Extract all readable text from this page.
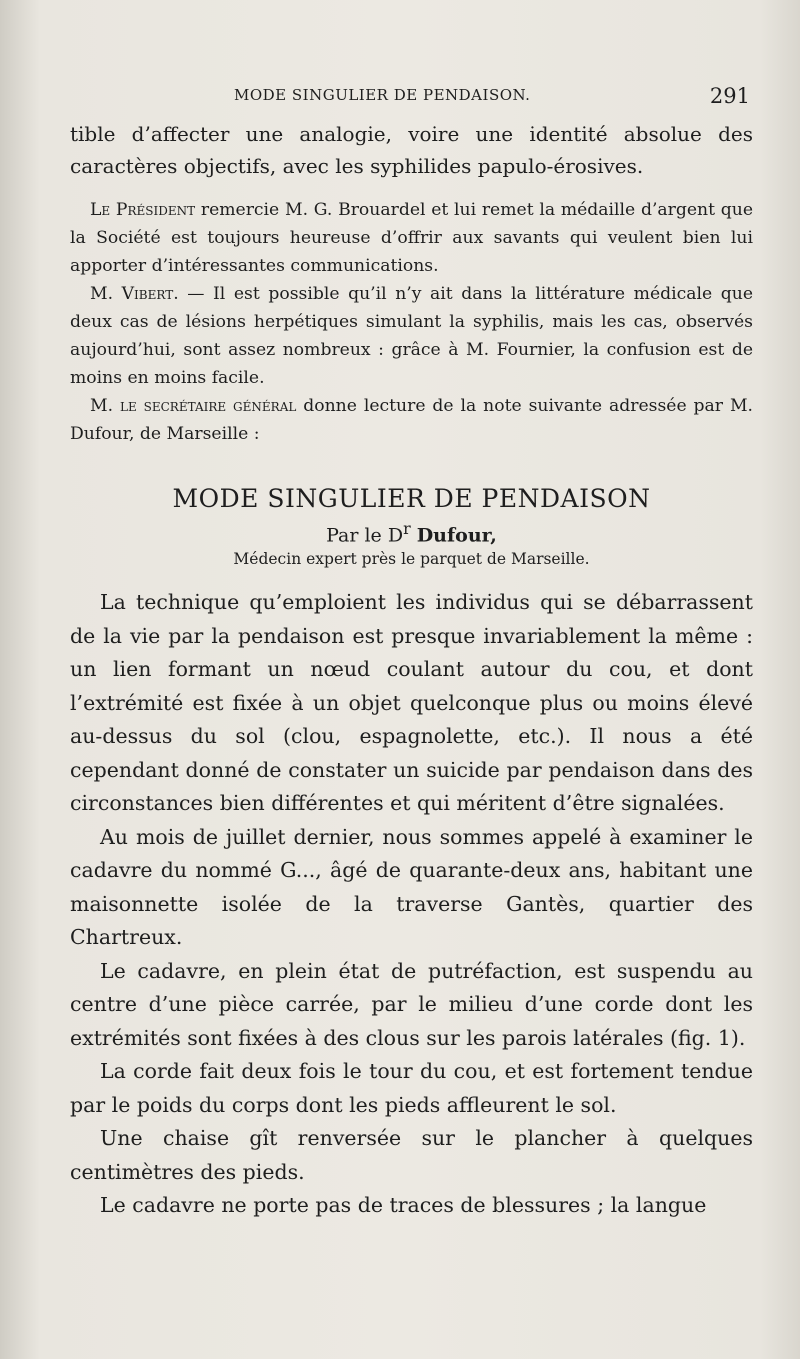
MODE SINGULIER DE PENDAISON.	291

tible d’affecter une analogie, voire une identité absolue des caractères objectifs, avec les syphilides papulo-érosives.

Le Président remercie M. G. Brouardel et lui remet la médaille d’argent que la Société est toujours heureuse d’offrir aux savants qui veulent bien lui apporter d’intéressantes communications.

M. Vibert. — Il est possible qu’il n’y ait dans la littérature médicale que deux cas de lésions herpétiques simulant la syphilis, mais les cas, observés aujourd’hui, sont assez nombreux : grâce à M. Fournier, la confusion est de moins en moins facile.

M. le secrétaire général donne lecture de la note suivante adressée par M. Dufour, de Marseille :

MODE SINGULIER DE PENDAISON
Par le $D^r$ Dufour,
Médecin expert près le parquet de Marseille.

La technique qu’emploient les individus qui se débarrassent de la vie par la pendaison est presque invariablement la même : un lien formant un nœud coulant autour du cou, et dont l’extrémité est fixée à un objet quelconque plus ou moins élevé au-dessus du sol (clou, espagnolette, etc.). Il nous a été cependant donné de constater un suicide par pendaison dans des circonstances bien différentes et qui méritent d’être signalées.

Au mois de juillet dernier, nous sommes appelé à examiner le cadavre du nommé G..., âgé de quarante-deux ans, habitant une maisonnette isolée de la traverse Gantès, quartier des Chartreux.

Le cadavre, en plein état de putréfaction, est suspendu au centre d’une pièce carrée, par le milieu d’une corde dont les extrémités sont fixées à des clous sur les parois latérales (fig. 1).

La corde fait deux fois le tour du cou, et est fortement tendue par le poids du corps dont les pieds affleurent le sol.

Une chaise gît renversée sur le plancher à quelques centimètres des pieds.

Le cadavre ne porte pas de traces de blessures ; la langue
